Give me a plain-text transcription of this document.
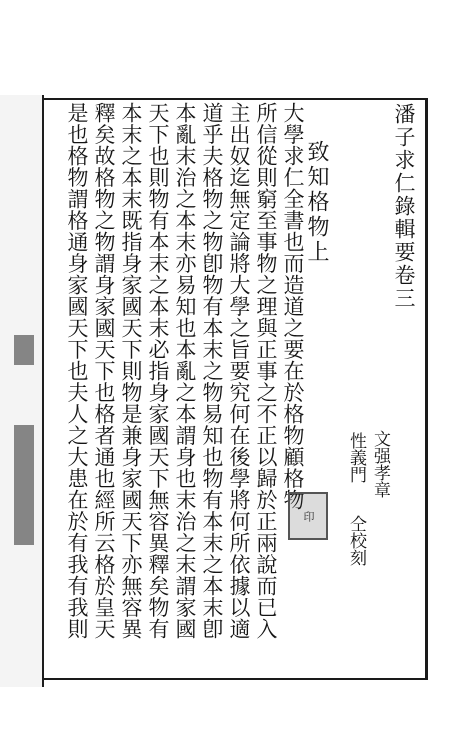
潘子求仁錄輯要卷三
文强孝章
性義門
仝校刻
致知格物上
大學求仁全書也而造道之要在於格物顧格物
所信從則窮至事物之理與正事之不正以歸於正兩說而已入
主出奴迄無定論將大學之旨要究何在後學將何所依據以適
道乎夫格物之物卽物有本末之物易知也物有本末之本末卽
本亂末治之本末亦易知也本亂之本謂身也末治之末謂家國
天下也則物有本末之本末必指身家國天下無容異釋矣物有
本末之本末既指身家國天下則物是兼身家國天下亦無容異
釋矣故格物之物謂身家國天下也格者通也經所云格於皇天
是也格物謂格通身家國天下也夫人之大患在於有我有我則	印
